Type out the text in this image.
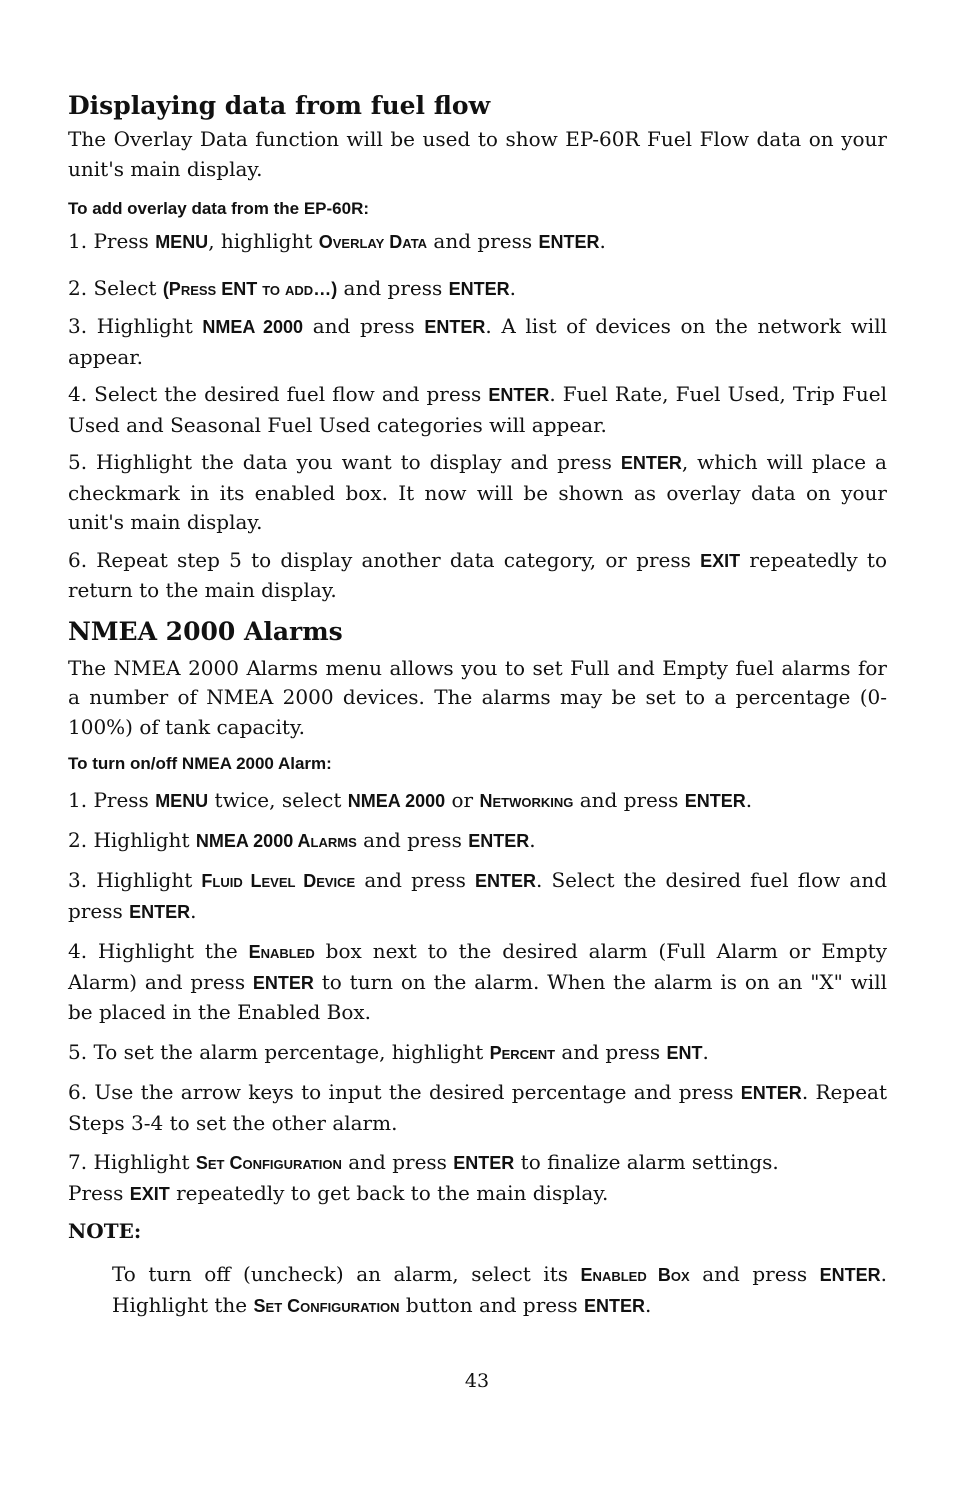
Displaying data from fuel flow

The Overlay Data function will be used to show EP-60R Fuel Flow data on your unit's main display.

To add overlay data from the EP-60R:

1. Press MENU, highlight Overlay Data and press ENTER.

2. Select (Press ENT to add…) and press ENTER.

3. Highlight NMEA 2000 and press ENTER. A list of devices on the network will appear.

4. Select the desired fuel flow and press ENTER. Fuel Rate, Fuel Used, Trip Fuel Used and Seasonal Fuel Used categories will appear.

5. Highlight the data you want to display and press ENTER, which will place a checkmark in its enabled box. It now will be shown as overlay data on your unit's main display.

6. Repeat step 5 to display another data category, or press EXIT repeatedly to return to the main display.

NMEA 2000 Alarms

The NMEA 2000 Alarms menu allows you to set Full and Empty fuel alarms for a number of NMEA 2000 devices. The alarms may be set to a percentage (0-100%) of tank capacity.

To turn on/off NMEA 2000 Alarm:

1. Press MENU twice, select NMEA 2000 or Networking and press ENTER.

2. Highlight NMEA 2000 Alarms and press ENTER.

3. Highlight Fluid Level Device and press ENTER. Select the desired fuel flow and press ENTER.

4. Highlight the Enabled box next to the desired alarm (Full Alarm or Empty Alarm) and press ENTER to turn on the alarm. When the alarm is on an "X" will be placed in the Enabled Box.

5. To set the alarm percentage, highlight Percent and press ENT.

6. Use the arrow keys to input the desired percentage and press ENTER. Repeat Steps 3-4 to set the other alarm.

7. Highlight Set Configuration and press ENTER to finalize alarm settings. Press EXIT repeatedly to get back to the main display.

NOTE:

To turn off (uncheck) an alarm, select its Enabled Box and press ENTER. Highlight the Set Configuration button and press ENTER.

43
